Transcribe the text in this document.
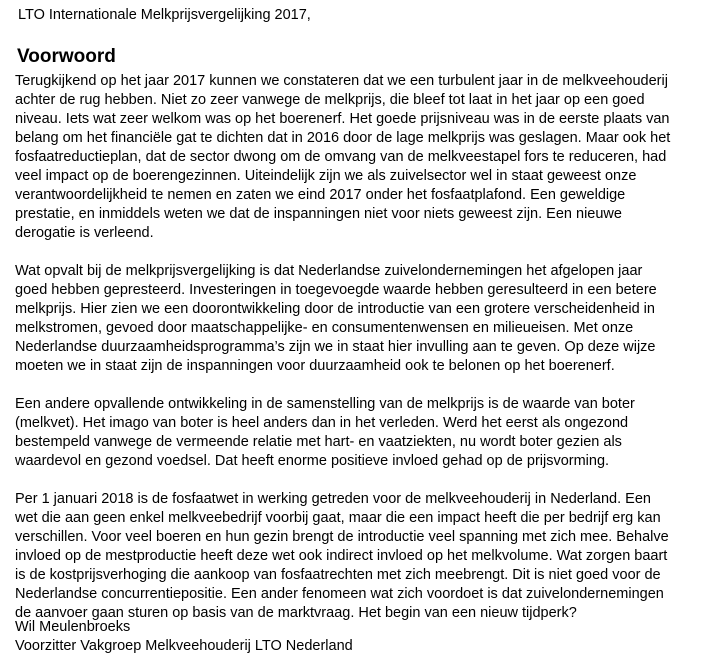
LTO Internationale Melkprijsvergelijking 2017,
Voorwoord

Terugkijkend op het jaar 2017 kunnen we constateren dat we een turbulent jaar in de melkveehouderij
achter de rug hebben. Niet zo zeer vanwege de melkprijs, die bleef tot laat in het jaar op een goed
niveau. Iets wat zeer welkom was op het boerenerf. Het goede prijsniveau was in de eerste plaats van
belang om het financiële gat te dichten dat in 2016 door de lage melkprijs was geslagen. Maar ook het
fosfaatreductieplan, dat de sector dwong om de omvang van de melkveestapel fors te reduceren, had
veel impact op de boerengezinnen. Uiteindelijk zijn we als zuivelsector wel in staat geweest onze
verantwoordelijkheid te nemen en zaten we eind 2017 onder het fosfaatplafond. Een geweldige
prestatie, en inmiddels weten we dat de inspanningen niet voor niets geweest zijn. Een nieuwe
derogatie is verleend.

Wat opvalt bij de melkprijsvergelijking is dat Nederlandse zuivelondernemingen het afgelopen jaar
goed hebben gepresteerd. Investeringen in toegevoegde waarde hebben geresulteerd in een betere
melkprijs. Hier zien we een doorontwikkeling door de introductie van een grotere verscheidenheid in
melkstromen, gevoed door maatschappelijke- en consumentenwensen en milieueisen. Met onze
Nederlandse duurzaamheidsprogramma’s zijn we in staat hier invulling aan te geven. Op deze wijze
moeten we in staat zijn de inspanningen voor duurzaamheid ook te belonen op het boerenerf.

Een andere opvallende ontwikkeling in de samenstelling van de melkprijs is de waarde van boter
(melkvet). Het imago van boter is heel anders dan in het verleden. Werd het eerst als ongezond
bestempeld vanwege de vermeende relatie met hart- en vaatziekten, nu wordt boter gezien als
waardevol en gezond voedsel. Dat heeft enorme positieve invloed gehad op de prijsvorming.

Per 1 januari 2018 is de fosfaatwet in werking getreden voor de melkveehouderij in Nederland. Een
wet die aan geen enkel melkveebedrijf voorbij gaat, maar die een impact heeft die per bedrijf erg kan
verschillen. Voor veel boeren en hun gezin brengt de introductie veel spanning met zich mee. Behalve
invloed op de mestproductie heeft deze wet ook indirect invloed op het melkvolume. Wat zorgen baart
is de kostprijsverhoging die aankoop van fosfaatrechten met zich meebrengt. Dit is niet goed voor de
Nederlandse concurrentiepositie. Een ander fenomeen wat zich voordoet is dat zuivelondernemingen
de aanvoer gaan sturen op basis van de marktvraag. Het begin van een nieuw tijdperk?

Wil Meulenbroeks
Voorzitter Vakgroep Melkveehouderij LTO Nederland
